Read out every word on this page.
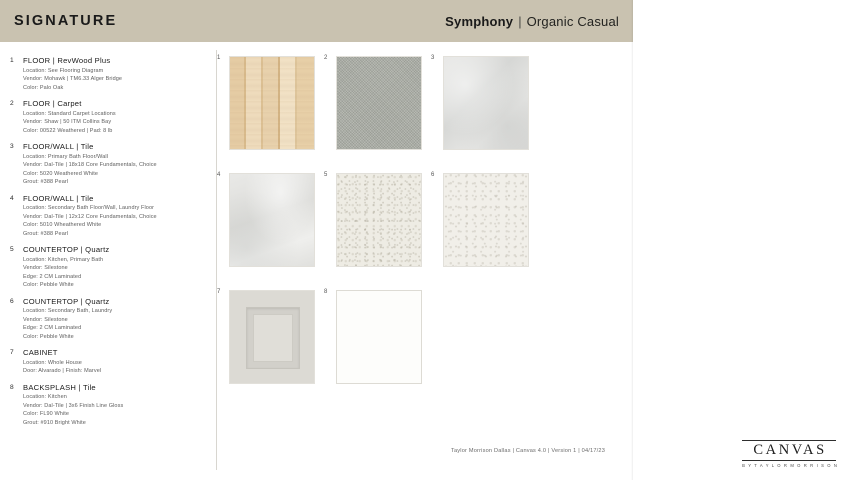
SIGNATURE	Symphony | Organic Casual
1	FLOOR | RevWood Plus
Location: See Flooring Diagram
Vendor: Mohawk | TM6.33 Alger Bridge
Color: Palo Oak
2	FLOOR | Carpet
Location: Standard Carpet Locations
Vendor: Shaw | 50 ITM Collins Bay
Color: 00522 Weathered | Pad: 8 lb
3	FLOOR/WALL | Tile
Location: Primary Bath Floor/Wall
Vendor: Dal-Tile | 18x18 Core Fundamentals, Choice
Color: 5020 Weathered White
Grout: #388 Pearl
4	FLOOR/WALL | Tile
Location: Secondary Bath Floor/Wall, Laundry Floor
Vendor: Dal-Tile | 12x12 Core Fundamentals, Choice
Color: 5010 Wheathered White
Grout: #388 Pearl
5	COUNTERTOP | Quartz
Location: Kitchen, Primary Bath
Vendor: Silestone
Edge: 2 CM Laminated
Color: Pebble White
6	COUNTERTOP | Quartz
Location: Secondary Bath, Laundry
Vendor: Silestone
Edge: 2 CM Laminated
Color: Pebble White
7	CABINET
Location: Whole House
Door: Alvarado | Finish: Marvel
8	BACKSPLASH | Tile
Location: Kitchen
Vendor: Dal-Tile | 3x6 Finish Line Gloss
Color: FL90 White
Grout: #910 Bright White
1	2	3
4	5	6
7	8
Taylor Morrison Dallas | Canvas 4.0 | Version 1 | 04/17/23	CANVAS
B Y T A Y L O R M O R R I S O N
